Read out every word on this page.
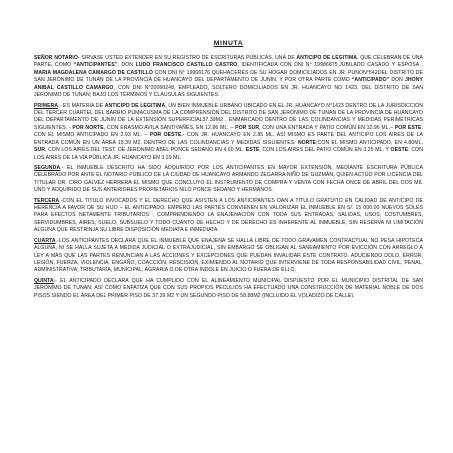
MINUTA

SEÑOR NOTARIO- SIRVASE USTED EXTENDER EN SU REGISTRO DE ESCRITURAS PÚBLICAS, UNA DE ANTICIPO DE LEGITIMA, QUE CELEBRAN DE UNA PARTE, COMO “ANTICIPANTES”, DON LUDO FRANCISCO CASTILLO CASTRO, IDENTIFICADA CON DNI N° 19986875,JUBILADO CASADO Y ESPOSA , MARIA MAGDALENA CAMARGO DE CASTILLO CON DNI N° 19966176 QUEHACERES DE SU HOGAR DOMICILIADOS EN JR. PUNON°542DEL DISTRITO DE SAN JERÓNIMO DE TUNAN DE LA PROVINCIA DE HUANCAYO DEL DEPARTAMENTO DE JUNÍN, Y POR OTRA PARTE COMO “ANTICIPADO” DON JHONY ANIBAL CASTILLO CAMARGO, CON DNI N°20060248, EMPLEADO, SOLTERO DOMICILIADOS EN JR. HUANCAYO NO 1423, DEL DISTRITO DE SAN JERÓNIMO DE TUNAN; BAJO LOS TÉRMINOS Y CLÁUSULAS SIGUIENTES.

PRIMERA.- ES MATERIA DE ANTICIPO DE LEGITIMA, UN BIEN INMUEBLE URBANO UBICADO EN EL JR. HUANCAYO N°1423 DENTRO DE LA JURISDICCIÓN DEL TERCER CUARTEL DEL BARRIO PUMACUSMA DE LA COMPRENSIÓN DEL DISTRITO DE SAN JERÓNIMO DE TUNAN DE LA PROVINCIA DE HUANCAYO DEL DEPARTAMENTO DE JUNÍN DE LA EXTENSIÓN SUPERFICIAL37.39M2 . ENMARCADO DENTRO DE LAS COLINDANCIAS Y MEDIDAS PERIMÉTRICAS SIGUIENTES: - POR NORTE, CON ERASMO AVILA SANTIVAÑES, EN 12.96 ML. – POR SUR, CON UNA ENTRADA Y PATIO COMÚN EN 12.96 ML.– POR ESTE, CON EL MISMO ANTICIPADO EN 2.93 ML. – POR OESTE.- CON JR. HUANCAYO EN 2.85 ML. ASÍ MISMO ES PARTE DEL ANTICIPO LOS AIRES DE LA ENTRADA COMÚN EN UN ÁREA 15.39 M2. DENTRO DE LAS COLINDANCIAS Y MEDIDAS SIGUIENTES: NORTE:CON EL MISMO ANTICIPADO, EN 4.80ML. SUR, CON LOS AIRES DEL TEST. DE JERONIMO ABEL PONCE SEDANO EN 4.60 ML. ESTE, CON LOS AIRES DEL PATIO COMÚN EN 3.25 ML. Y OESTE: CON LOS AIRES DE LA VÍA PÚBLICA JR. HUANCAYO EN 3.29 ML.

SEGUNDA.- EL INMUEBLE DESCRITO HA SIDO ADQUIRIDO POR LOS ANTICIPANTES EN MAYOR EXTENSIÓN, MEDIANTE ESCRITURA PÚBLICA CELEBRADO POR ANTE EL NOTARIO PÚBLICO DE LA CIUDAD DE HUANCAYO ARMANDO ZEGARRA NIÑO DE GUZMÁN, QUIEN ACTÚO POR LICENCIA DEL TITULAR DR. CIRO GÁLVEZ HERRERA EL MISMO QUE CONCLUYO EL INSTRUMENTO DE COMPRA Y VENTA CON FECHA ONCE DE ABRIL DEL DOS MIL UNO Y ADQUIRIDO DE SUS ANTERIORES PROPIETARIOS NILO PONCE SEDANO Y HERMANOS.

TERCERA.-CON EL TITULO INVOCADOS Y EL DERECHO QUE ASISTEN A LOS ANTICIPANTES DAN A TÍTULO GRATUITO EN CALIDAD DE ANTICIPO DE HERENCIA A FAVOR DE SU HIJO – EL ANTICIPADO, EMPERO LAS PARTES CONVIENEN EN VALORIZAR EL INMUEBLE EN S/. 15 000.00 NUEVOS SOLES PARA EFECTOS NETAMENTE TRIBUTARIOS ; COMPRENDIENDO LA ENAJENACIÓN CON TODA SUS ENTRADAS, SALIDAS, USOS, COSTUMBRES, SERVIDUMBRES, AIRES, SUELO, SUBSUELO Y TODO CUANTO DE HECHO Y DE DERECHO ES INHERENTE AL INMUEBLE, SIN RESERVA NI LIMITACIÓN ALGUNA QUE RESTRINJA SU LIBRE DISPOSICIÓN MEDIATA E INMEDIATA.

CUARTA.-LOS ANTICIPANTES DECLARA QUE EL INMUEBLE QUE ENAJENA SE HALLA LIBRE DE TODO GRAVAMEN CONTRACTUAL NO PESA HIPOTECA ALGUNA, NI SE HALLA SUJETA A MEDIDA JUDICIAL O EXTRAJUDICIAL, SIN EMBARGO SE OBLIGAN AL SANEAMIENTO POR EVICCIÓN CON ARREGLO A LEY A MÁS QUE LAS PARTES RENUNCIAN A LAS ACCIONES Y EXCEPCIONES QUE PUEDAN INVALIDAR ESTE CONTRATO. ADUCIENDO DOLO, ERROR, LESIÓN, FUERZA, VIOLENCIA, ENGAÑO, COACCIÓN, RESCISIÓN, EXIMIENDO AL NOTARIO QUE INTERVIENE DE TODA RESPONSABILIDAD CIVIL, PENAL, ADMINISTRATIVA, TRIBUTARIA, MUNICIPAL, AGRARIA O DE OTRA ÍNDOLE EN JUICIO O FUERA DE ELLO.

QUINTA.- EL ANTICIPADO DECLARA QUE HA CUMPLIDO CON EL ALINEAMIENTO MUNICIPAL DISPUESTO POR EL MUNICIPIO DISTRITAL DE SAN JERÓNIMO DE TUNAN; ASÍ COMO ENFATIZA QUE CON SUS PROPIOS PECULIOS HA EFECTUADO UNA CONSTRUCCIÓN DE MATERIAL NOBLE DE DOS PISOS SIENDO EL ÁREA DEL PRIMER PISO DE 37.39 M2 Y UN SEGUNDO PISO DE 58.88M2 (INCLUIDO EL VOLADIZO DE CALLE).
